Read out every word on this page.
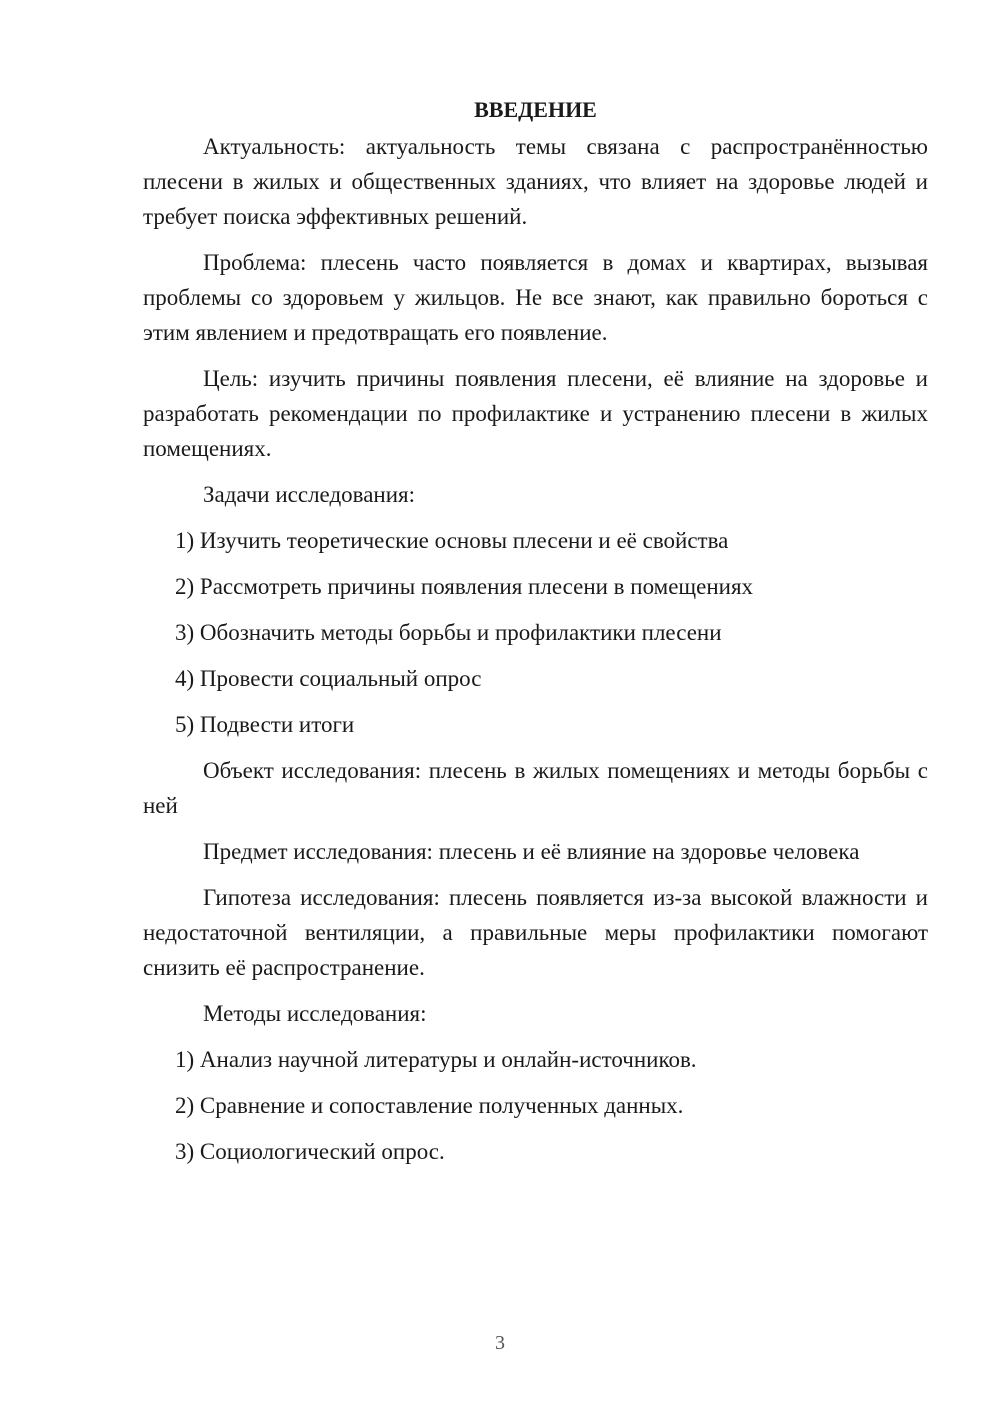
ВВЕДЕНИЕ

Актуальность: актуальность темы связана с распространённостью плесени в жилых и общественных зданиях, что влияет на здоровье людей и требует поиска эффективных решений.

Проблема: плесень часто появляется в домах и квартирах, вызывая проблемы со здоровьем у жильцов. Не все знают, как правильно бороться с этим явлением и предотвращать его появление.

Цель: изучить причины появления плесени, её влияние на здоровье и разработать рекомендации по профилактике и устранению плесени в жилых помещениях.

Задачи исследования:
1) Изучить теоретические основы плесени и её свойства
2) Рассмотреть причины появления плесени в помещениях
3) Обозначить методы борьбы и профилактики плесени
4) Провести социальный опрос
5) Подвести итоги

Объект исследования: плесень в жилых помещениях и методы борьбы с ней

Предмет исследования: плесень и её влияние на здоровье человека

Гипотеза исследования: плесень появляется из-за высокой влажности и недостаточной вентиляции, а правильные меры профилактики помогают снизить её распространение.

Методы исследования:
1) Анализ научной литературы и онлайн-источников.
2) Сравнение и сопоставление полученных данных.
3) Социологический опрос.
3
